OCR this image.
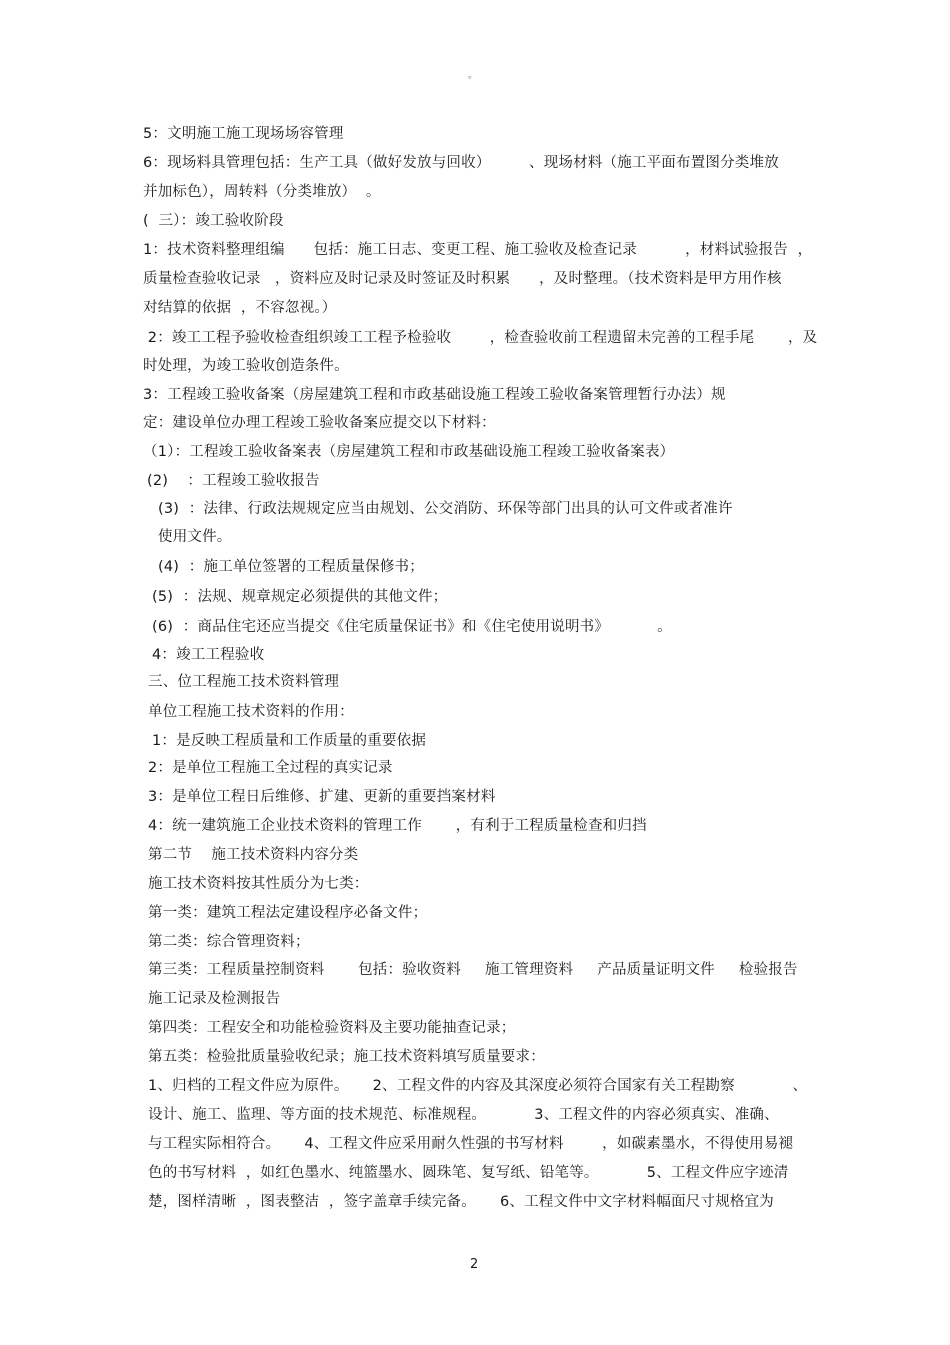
。
5：文明施工施工现场场容管理
6：现场料具管理包括：生产工具（做好发放与回收）        、现场材料（施工平面布置图分类堆放
并加标色），周转料（分类堆放）  。
(  三）：竣工验收阶段
1：技术资料整理组编      包括：施工日志、变更工程、施工验收及检查记录          ，材料试验报告  ，
质量检查验收记录   ，资料应及时记录及时签证及时积累      ，及时整理。（技术资料是甲方用作核
对结算的依据  ，不容忽视。）
2：竣工工程予验收检查组织竣工工程予检验收        ，检查验收前工程遗留未完善的工程手尾       ，及
时处理，为竣工验收创造条件。
3：工程竣工验收备案（房屋建筑工程和市政基础设施工程竣工验收备案管理暂行办法）规
定：建设单位办理工程竣工验收备案应提交以下材料：
（1）：工程竣工验收备案表（房屋建筑工程和市政基础设施工程竣工验收备案表）
(2)    ：工程竣工验收报告
(3)  ：法律、行政法规规定应当由规划、公交消防、环保等部门出具的认可文件或者准许
使用文件。
(4)  ：施工单位签署的工程质量保修书；
(5)  ：法规、规章规定必须提供的其他文件；
(6)  ：商品住宅还应当提交《住宅质量保证书》和《住宅使用说明书》          。
4：竣工工程验收
三、位工程施工技术资料管理
单位工程施工技术资料的作用：
1：是反映工程质量和工作质量的重要依据
2：是单位工程施工全过程的真实记录
3：是单位工程日后维修、扩建、更新的重要挡案材料
4：统一建筑施工企业技术资料的管理工作       ，有利于工程质量检查和归挡
第二节    施工技术资料内容分类
施工技术资料按其性质分为七类：
第一类：建筑工程法定建设程序必备文件；
第二类：综合管理资料；
第三类：工程质量控制资料       包括：验收资料     施工管理资料     产品质量证明文件     检验报告
施工记录及检测报告
第四类：工程安全和功能检验资料及主要功能抽查记录；
第五类：检验批质量验收纪录；施工技术资料填写质量要求：
1、归档的工程文件应为原件。     2、工程文件的内容及其深度必须符合国家有关工程勘察            、
设计、施工、监理、等方面的技术规范、标准规程。          3、工程文件的内容必须真实、准确、
与工程实际相符合。     4、工程文件应采用耐久性强的书写材料        ，如碳素墨水，不得使用易褪
色的书写材料  ，如红色墨水、纯篮墨水、圆珠笔、复写纸、铅笔等。          5、工程文件应字迹清
楚，图样清晰  ，图表整洁  ，签字盖章手续完备。     6、工程文件中文字材料幅面尺寸规格宜为
2
